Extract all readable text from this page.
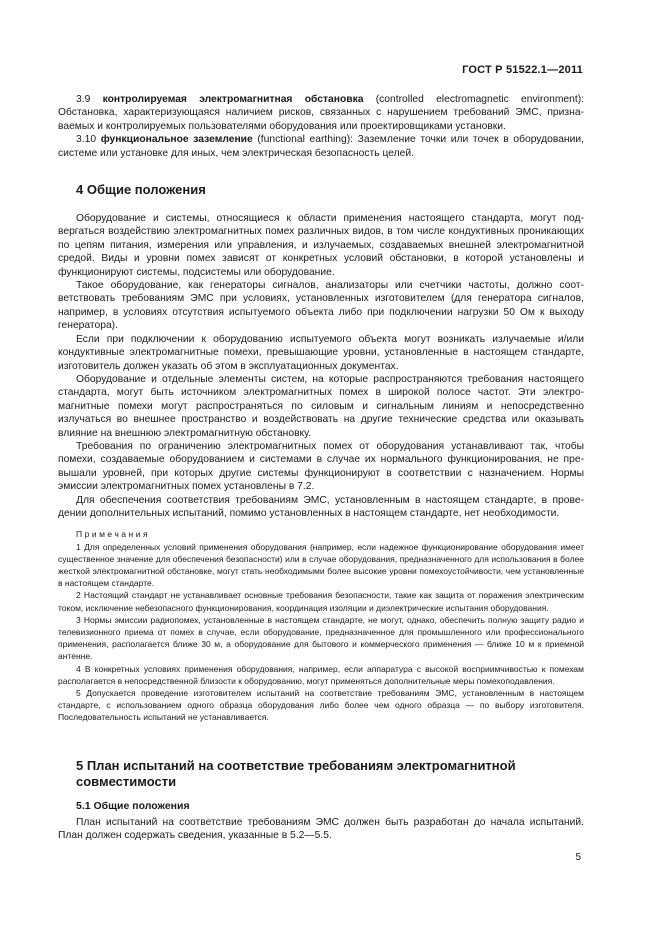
ГОСТ Р 51522.1—2011

3.9 контролируемая электромагнитная обстановка (controlled electromagnetic environment): Обстановка, характеризующаяся наличием рисков, связанных с нарушением требований ЭМС, признаваемых и контролируемых пользователями оборудования или проектировщиками установки.

3.10 функциональное заземление (functional earthing): Заземление точки или точек в оборудовании, системе или установке для иных, чем электрическая безопасность целей.

4 Общие положения

Оборудование и системы, относящиеся к области применения настоящего стандарта, могут подвергаться воздействию электромагнитных помех различных видов, в том числе кондуктивных проникающих по цепям питания, измерения или управления, и излучаемых, создаваемых внешней электромагнитной средой. Виды и уровни помех зависят от конкретных условий обстановки, в которой установлены и функционируют системы, подсистемы или оборудование.

Такое оборудование, как генераторы сигналов, анализаторы или счетчики частоты, должно соответствовать требованиям ЭМС при условиях, установленных изготовителем (для генератора сигналов, например, в условиях отсутствия испытуемого объекта либо при подключении нагрузки 50 Ом к выходу генератора).

Если при подключении к оборудованию испытуемого объекта могут возникать излучаемые и/или кондуктивные электромагнитные помехи, превышающие уровни, установленные в настоящем стандарте, изготовитель должен указать об этом в эксплуатационных документах.

Оборудование и отдельные элементы систем, на которые распространяются требования настоящего стандарта, могут быть источником электромагнитных помех в широкой полосе частот. Эти электромагнитные помехи могут распространяться по силовым и сигнальным линиям и непосредственно излучаться во внешнее пространство и воздействовать на другие технические средства или оказывать влияние на внешнюю электромагнитную обстановку.

Требования по ограничению электромагнитных помех от оборудования устанавливают так, чтобы помехи, создаваемые оборудованием и системами в случае их нормального функционирования, не превышали уровней, при которых другие системы функционируют в соответствии с назначением. Нормы эмиссии электромагнитных помех установлены в 7.2.

Для обеспечения соответствия требованиям ЭМС, установленным в настоящем стандарте, в проведении дополнительных испытаний, помимо установленных в настоящем стандарте, нет необходимости.

Примечания

1 Для определенных условий применения оборудования (например, если надежное функционирование оборудования имеет существенное значение для обеспечения безопасности) или в случае оборудования, предназначенного для использования в более жесткой электромагнитной обстановке, могут стать необходимыми более высокие уровни помехоустойчивости, чем установленные в настоящем стандарте.

2 Настоящий стандарт не устанавливает основные требования безопасности, такие как защита от поражения электрическим током, исключение небезопасного функционирования, координация изоляции и диэлектрические испытания оборудования.

3 Нормы эмиссии радиопомех, установленные в настоящем стандарте, не могут, однако, обеспечить полную защиту радио и телевизионного приема от помех в случае, если оборудование, предназначенное для промышленного или профессионального применения, располагается ближе 30 м, а оборудование для бытового и коммерческого применения — ближе 10 м к приемной антенне.

4 В конкретных условиях применения оборудования, например, если аппаратура с высокой восприимчивостью к помехам располагается в непосредственной близости к оборудованию, могут применяться дополнительные меры помехоподавления.

5 Допускается проведение изготовителем испытаний на соответствие требованиям ЭМС, установленным в настоящем стандарте, с использованием одного образца оборудования либо более чем одного образца — по выбору изготовителя. Последовательность испытаний не устанавливается.

5 План испытаний на соответствие требованиям электромагнитной совместимости
5.1 Общие положения

План испытаний на соответствие требованиям ЭМС должен быть разработан до начала испытаний. План должен содержать сведения, указанные в 5.2—5.5.

5
